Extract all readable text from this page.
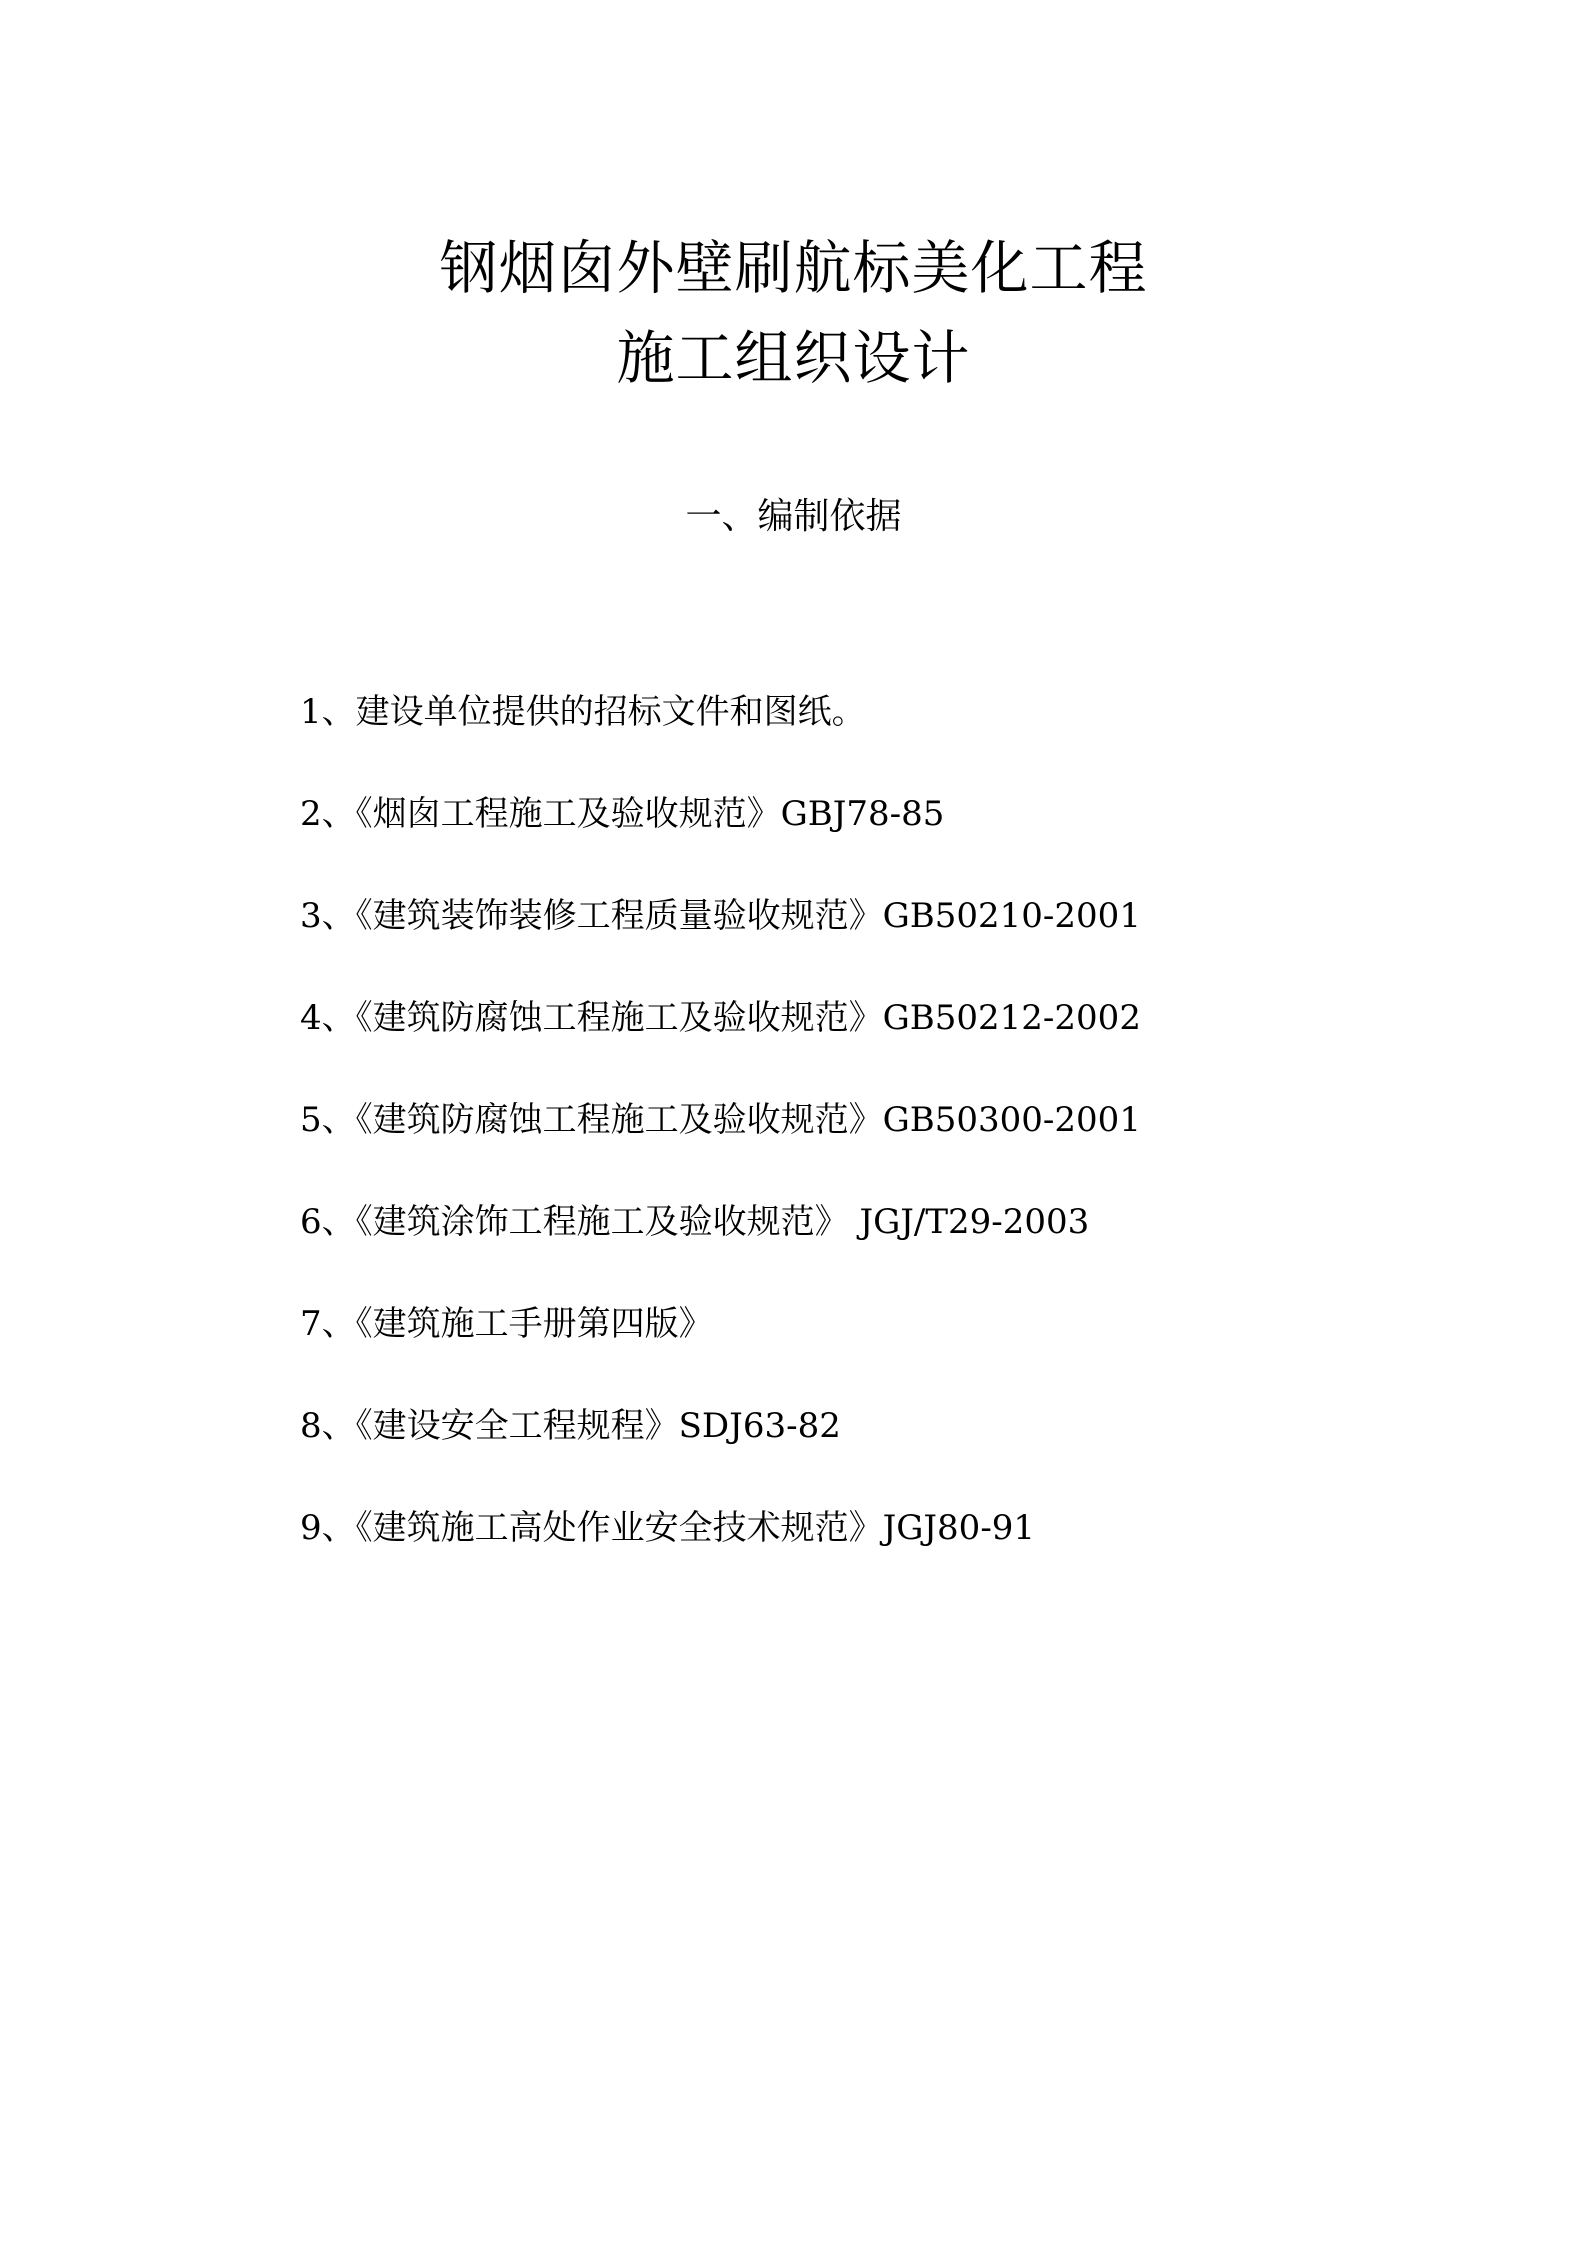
钢烟囱外壁刷航标美化工程
施工组织设计
一、编制依据
1、建设单位提供的招标文件和图纸。
2、《烟囱工程施工及验收规范》GBJ78-85
3、《建筑装饰装修工程质量验收规范》GB50210-2001
4、《建筑防腐蚀工程施工及验收规范》GB50212-2002
5、《建筑防腐蚀工程施工及验收规范》GB50300-2001
6、《建筑涂饰工程施工及验收规范》 JGJ/T29-2003
7、《建筑施工手册第四版》
8、《建设安全工程规程》SDJ63-82
9、《建筑施工高处作业安全技术规范》JGJ80-91
